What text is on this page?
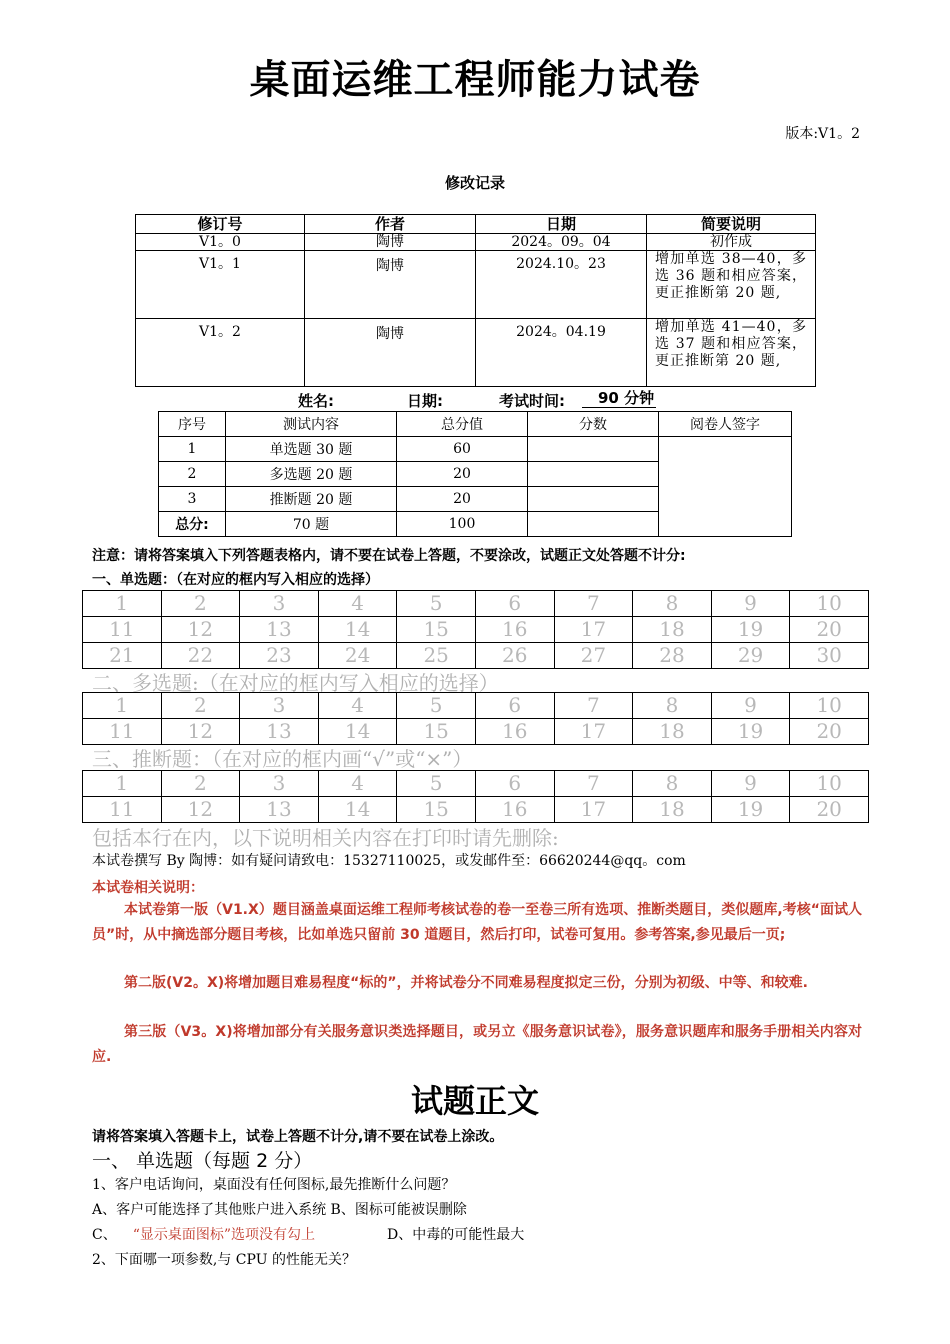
桌面运维工程师能力试卷
版本:V1。2
修改记录
修订号	作者	日期	简要说明
V1。0	陶博	2024。09。04	初作成
V1。1	陶博	2024.10。23	增加单选 38—40，多选 36 题和相应答案，更正推断第 20 题,
V1。2	陶博	2024。04.19	增加单选 41—40，多选 37 题和相应答案，更正推断第 20 题,
姓名:	日期:	考试时间:	90 分钟
序号	测试内容	总分值	分数	阅卷人签字
1	单选题 30 题	60		
2	多选题 20 题	20		
3	推断题 20 题	20		
总分:	70 题	100		
注意：请将答案填入下列答题表格内，请不要在试卷上答题，不要涂改，试题正文处答题不计分:
一、单选题：（在对应的框内写入相应的选择）
1	2	3	4	5	6	7	8	9	10
11	12	13	14	15	16	17	18	19	20
21	22	23	24	25	26	27	28	29	30
二、多选题:（在对应的框内写入相应的选择）
1	2	3	4	5	6	7	8	9	10
11	12	13	14	15	16	17	18	19	20
三、推断题：（在对应的框内画“√”或“×”）
1	2	3	4	5	6	7	8	9	10
11	12	13	14	15	16	17	18	19	20
包括本行在内，以下说明相关内容在打印时请先删除:
本试卷撰写 By 陶博：如有疑问请致电：15327110025，或发邮件至：66620244@qq。com
本试卷相关说明：
本试卷第一版（V1.X）题目涵盖桌面运维工程师考核试卷的卷一至卷三所有选项、推断类题目，类似题库,考核“面试人员”时，从中摘选部分题目考核，比如单选只留前 30 道题目，然后打印，试卷可复用。参考答案,参见最后一页;
第二版(V2。X)将增加题目难易程度“标的”，并将试卷分不同难易程度拟定三份，分别为初级、中等、和较难.
第三版（V3。X)将增加部分有关服务意识类选择题目，或另立《服务意识试卷》，服务意识题库和服务手册相关内容对应.
试题正文
请将答案填入答题卡上，试卷上答题不计分,请不要在试卷上涂改。
一、 单选题（每题 2 分）
1、客户电话询问，桌面没有任何图标,最先推断什么问题？
A、客户可能选择了其他账户进入系统 B、图标可能被误删除
C、 “显示桌面图标”选项没有勾上	D、中毒的可能性最大
2、下面哪一项参数,与 CPU 的性能无关？
